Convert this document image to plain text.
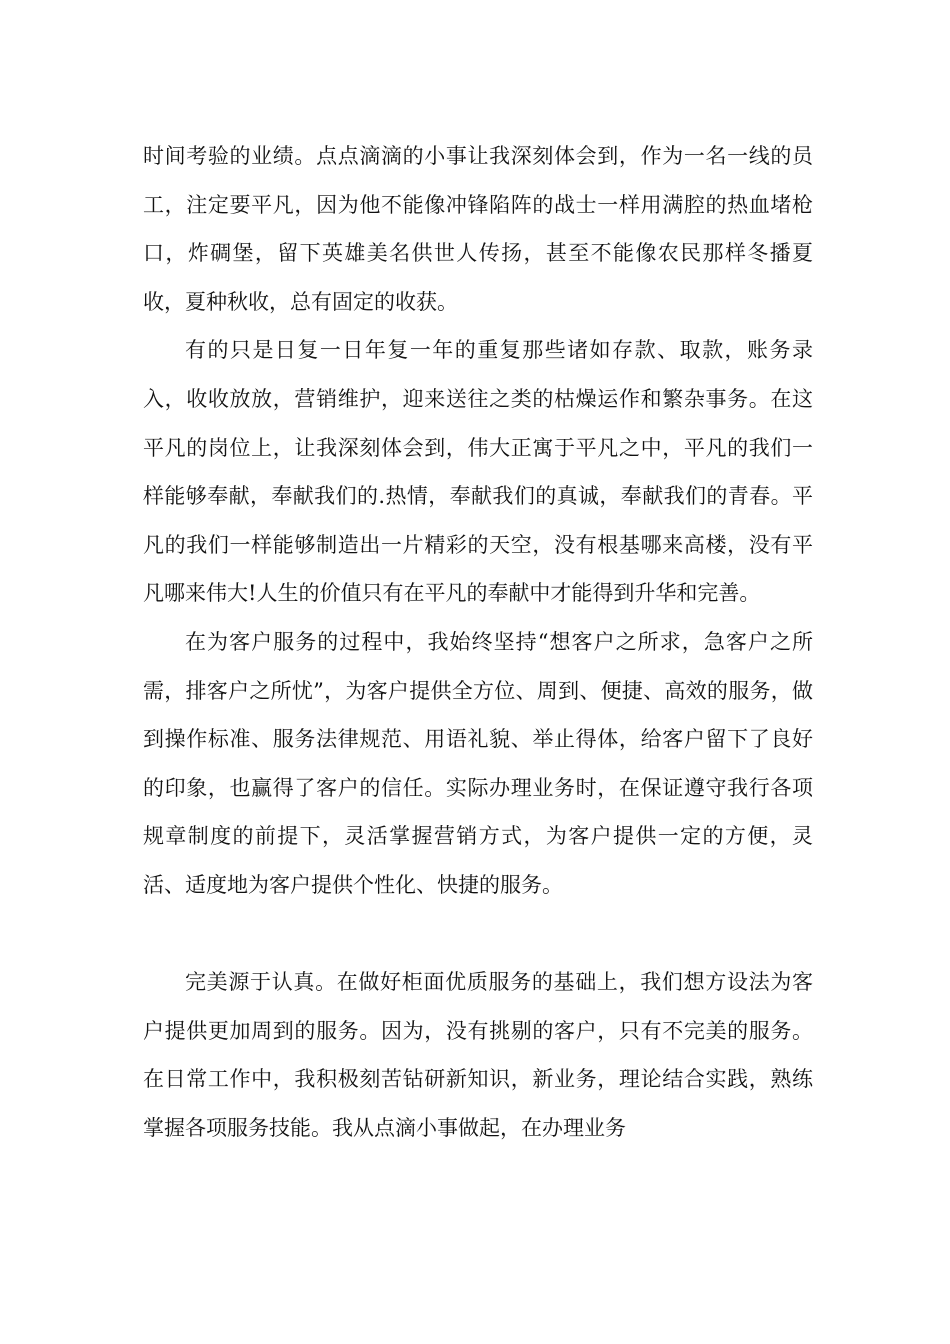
时间考验的业绩。点点滴滴的小事让我深刻体会到，作为一名一线的员工，注定要平凡，因为他不能像冲锋陷阵的战士一样用满腔的热血堵枪口，炸碉堡，留下英雄美名供世人传扬，甚至不能像农民那样冬播夏收，夏种秋收，总有固定的收获。

有的只是日复一日年复一年的重复那些诸如存款、取款，账务录入，收收放放，营销维护，迎来送往之类的枯燥运作和繁杂事务。在这平凡的岗位上，让我深刻体会到，伟大正寓于平凡之中，平凡的我们一样能够奉献，奉献我们的.热情，奉献我们的真诚，奉献我们的青春。平凡的我们一样能够制造出一片精彩的天空，没有根基哪来高楼，没有平凡哪来伟大!人生的价值只有在平凡的奉献中才能得到升华和完善。

在为客户服务的过程中，我始终坚持“想客户之所求，急客户之所需，排客户之所忧”，为客户提供全方位、周到、便捷、高效的服务，做到操作标准、服务法律规范、用语礼貌、举止得体，给客户留下了良好的印象，也赢得了客户的信任。实际办理业务时，在保证遵守我行各项规章制度的前提下，灵活掌握营销方式，为客户提供一定的方便，灵活、适度地为客户提供个性化、快捷的服务。

完美源于认真。在做好柜面优质服务的基础上，我们想方设法为客户提供更加周到的服务。因为，没有挑剔的客户，只有不完美的服务。在日常工作中，我积极刻苦钻研新知识，新业务，理论结合实践，熟练掌握各项服务技能。我从点滴小事做起，在办理业务
